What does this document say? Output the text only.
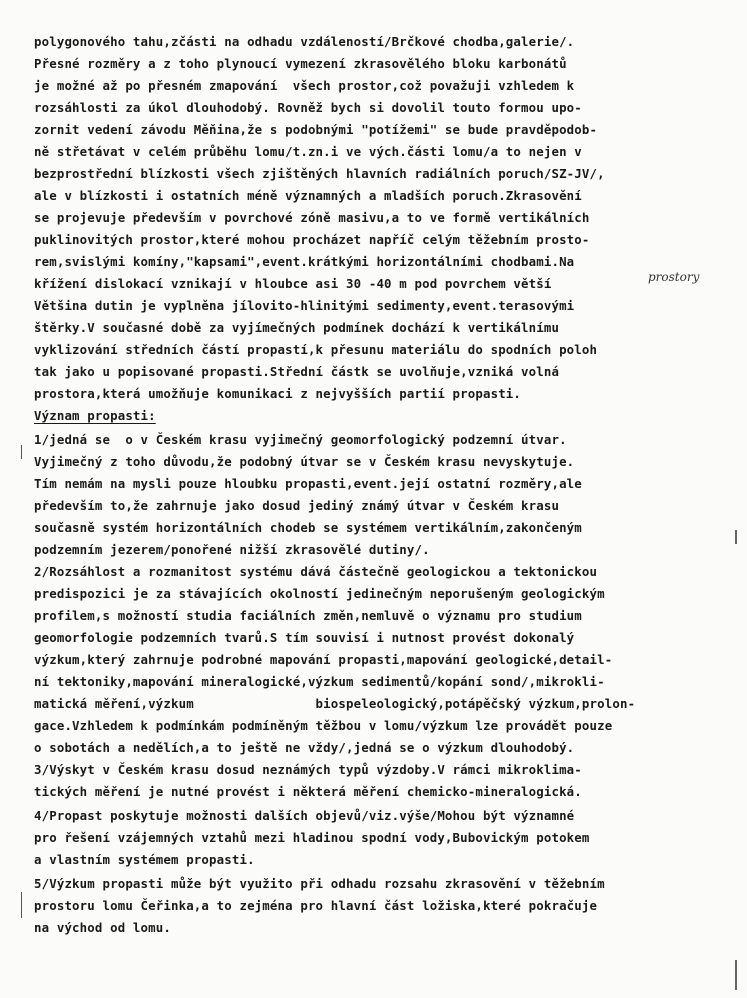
polygonového tahu,zčásti na odhadu vzdáleností/Brčkové chodba,galerie/.
Přesné rozměry a z toho plynoucí vymezení zkrasovělého bloku karbonátů
je možné až po přesném zmapování  všech prostor,což považuji vzhledem k
rozsáhlosti za úkol dlouhodobý. Rovněž bych si dovolil touto formou upo-
zornit vedení závodu Měňina,že s podobnými "potížemi" se bude pravděpodob-
ně střetávat v celém průběhu lomu/t.zn.i ve vých.části lomu/a to nejen v
bezprostřední blízkosti všech zjištěných hlavních radiálních poruch/SZ-JV/,
ale v blízkosti i ostatních méně významných a mladších poruch.Zkrasovění
se projevuje především v povrchové zóně masivu,a to ve formě vertikálních
puklinovitých prostor,které mohou procházet napříč celým těžebním prosto-
rem,svislými komíny,"kapsami",event.krátkými horizontálními chodbami.Na
křížení dislokací vznikají v hloubce asi 30 -40 m pod povrchem větší
Většina dutin je vyplněna jílovito-hlinitými sedimenty,event.terasovými
štěrky.V současné době za vyjímečných podmínek dochází k vertikálnímu
vyklizování středních částí propastí,k přesunu materiálu do spodních poloh
tak jako u popisované propasti.Střední částk se uvolňuje,vzniká volná
prostora,která umožňuje komunikaci z nejvyšších partií propasti.
Význam propasti:
1/jedná se  o v Českém krasu vyjimečný geomorfologický podzemní útvar.
Vyjimečný z toho důvodu,že podobný útvar se v Českém krasu nevyskytuje.
Tím nemám na mysli pouze hloubku propasti,event.její ostatní rozměry,ale
především to,že zahrnuje jako dosud jediný známý útvar v Českém krasu
současně systém horizontálních chodeb se systémem vertikálním,zakončeným
podzemním jezerem/ponořené nižší zkrasovělé dutiny/.
2/Rozsáhlost a rozmanitost systému dává částečně geologickou a tektonickou
predispozici je za stávajících okolností jedinečným neporušeným geologickým
profilem,s možností studia faciálních změn,nemluvě o významu pro studium
geomorfologie podzemních tvarů.S tím souvisí i nutnost provést dokonalý
výzkum,který zahrnuje podrobné mapování propasti,mapování geologické,detail-
ní tektoniky,mapování mineralogické,výzkum sedimentů/kopání sond/,mikrokli-
matická měření,výzkum                biospeleologický,potápěčský výzkum,prolon-
gace.Vzhledem k podmínkám podmíněným těžbou v lomu/výzkum lze provádět pouze
o sobotách a nedělích,a to ještě ne vždy/,jedná se o výzkum dlouhodobý.
3/Výskyt v Českém krasu dosud neznámých typů výzdoby.V rámci mikroklima-
tických měření je nutné provést i některá měření chemicko-mineralogická.
4/Propast poskytuje možnosti dalších objevů/viz.výše/Mohou být významné
pro řešení vzájemných vztahů mezi hladinou spodní vody,Bubovickým potokem
a vlastním systémem propasti.
5/Výzkum propasti může být využito při odhadu rozsahu zkrasovění v těžebním
prostoru lomu Čeřinka,a to zejména pro hlavní část ložiska,které pokračuje
na východ od lomu.
prostory
